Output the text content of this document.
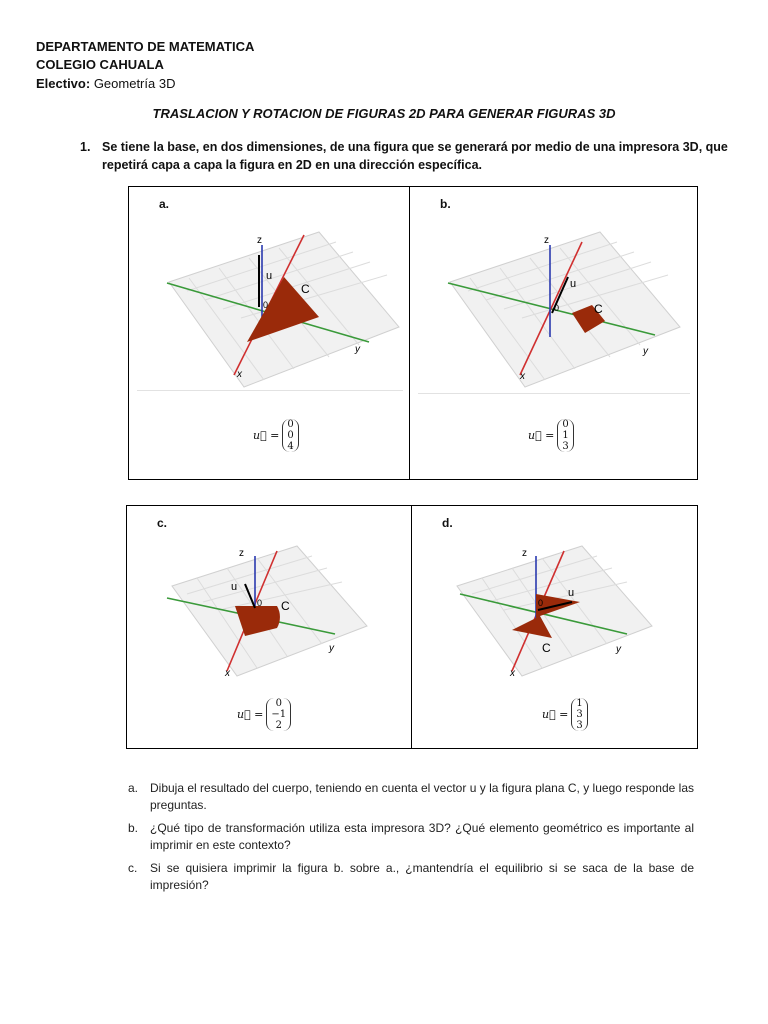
DEPARTAMENTO DE MATEMATICA
COLEGIO CAHUALA
Electivo: Geometría 3D
TRASLACION Y ROTACION DE FIGURAS 2D PARA GENERAR FIGURAS 3D
1. Se tiene la base, en dos dimensiones, de una figura que se generará por medio de una impresora 3D, que repetirá capa a capa la figura en 2D en una dirección específica.
a.
z
y
x
u
C
0
u⃗ =
0
0
4
b.
z
y
x
u
C
0
u⃗ =
0
1
3
c.
z
y
x
u
C
0
u⃗ =
0
−1
2
d.
z
y
x
u
C
0
u⃗ =
1
3
3
a. Dibuja el resultado del cuerpo, teniendo en cuenta el vector u y la figura plana C, y luego responde las preguntas.
b. ¿Qué tipo de transformación utiliza esta impresora 3D? ¿Qué elemento geométrico es importante al imprimir en este contexto?
c. Si se quisiera imprimir la figura b. sobre a., ¿mantendría el equilibrio si se saca de la base de impresión?
